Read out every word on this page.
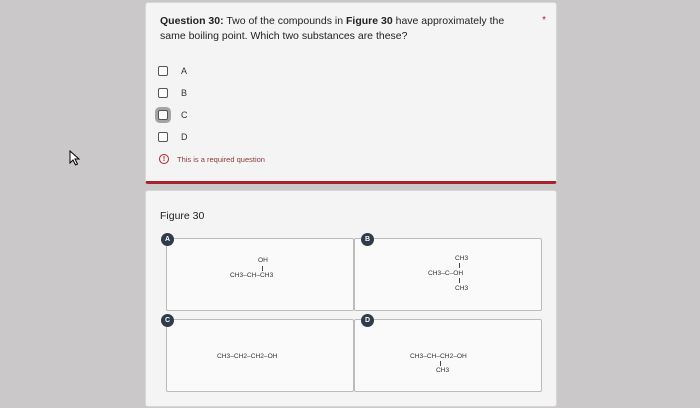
Question 30: Two of the compounds in Figure 30 have approximately the same boiling point. Which two substances are these?
*
A
B
C
D
!	This is a required question
Figure 30
A
OH
CH3–CH–CH3
B
CH3
CH3–C–OH
CH3
C
CH3–CH2–CH2–OH
D
CH3–CH–CH2–OH
CH3
